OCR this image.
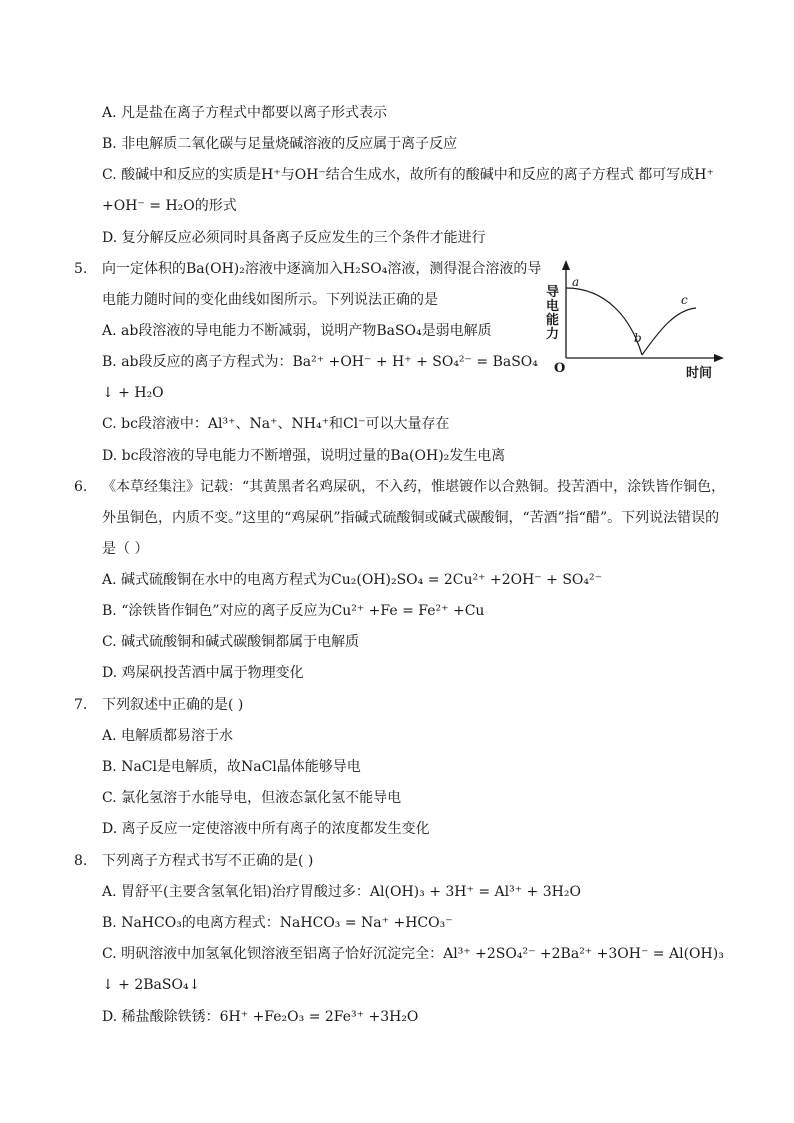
A. 凡是盐在离子方程式中都要以离子形式表示
B. 非电解质二氧化碳与足量烧碱溶液的反应属于离子反应
C. 酸碱中和反应的实质是H⁺与OH⁻结合生成水，故所有的酸碱中和反应的离子方程式 都可写成H⁺
+OH⁻ = H₂O的形式
D. 复分解反应必须同时具备离子反应发生的三个条件才能进行
5. 向一定体积的Ba(OH)₂溶液中逐滴加入H₂SO₄溶液，测得混合溶液的导
电能力随时间的变化曲线如图所示。下列说法正确的是
A. ab段溶液的导电能力不断减弱，说明产物BaSO₄是弱电解质
B. ab段反应的离子方程式为：Ba²⁺ +OH⁻ + H⁺ + SO₄²⁻ = BaSO₄
↓ + H₂O
C. bc段溶液中：Al³⁺、Na⁺、NH₄⁺和Cl⁻可以大量存在
D. bc段溶液的导电能力不断增强，说明过量的Ba(OH)₂发生电离
导
电
能
力
O	时间
a
b
c
6. 《本草经集注》记载：“其黄黑者名鸡屎矾，不入药，惟堪镀作以合熟铜。投苦酒中，涂铁皆作铜色，
外虽铜色，内质不变。”这里的“鸡屎矾”指碱式硫酸铜或碱式碳酸铜，“苦酒”指“醋”。下列说法错误的
是（ ）
A. 碱式硫酸铜在水中的电离方程式为Cu₂(OH)₂SO₄ = 2Cu²⁺ +2OH⁻ + SO₄²⁻
B. “涂铁皆作铜色”对应的离子反应为Cu²⁺ +Fe = Fe²⁺ +Cu
C. 碱式硫酸铜和碱式碳酸铜都属于电解质
D. 鸡屎矾投苦酒中属于物理变化
7. 下列叙述中正确的是( )
A. 电解质都易溶于水
B. NaCl是电解质，故NaCl晶体能够导电
C. 氯化氢溶于水能导电，但液态氯化氢不能导电
D. 离子反应一定使溶液中所有离子的浓度都发生变化
8. 下列离子方程式书写不正确的是( )
A. 胃舒平(主要含氢氧化铝)治疗胃酸过多：Al(OH)₃ + 3H⁺ = Al³⁺ + 3H₂O
B. NaHCO₃的电离方程式：NaHCO₃ = Na⁺ +HCO₃⁻
C. 明矾溶液中加氢氧化钡溶液至铝离子恰好沉淀完全：Al³⁺ +2SO₄²⁻ +2Ba²⁺ +3OH⁻ = Al(OH)₃
↓ + 2BaSO₄↓
D. 稀盐酸除铁锈：6H⁺ +Fe₂O₃ = 2Fe³⁺ +3H₂O
